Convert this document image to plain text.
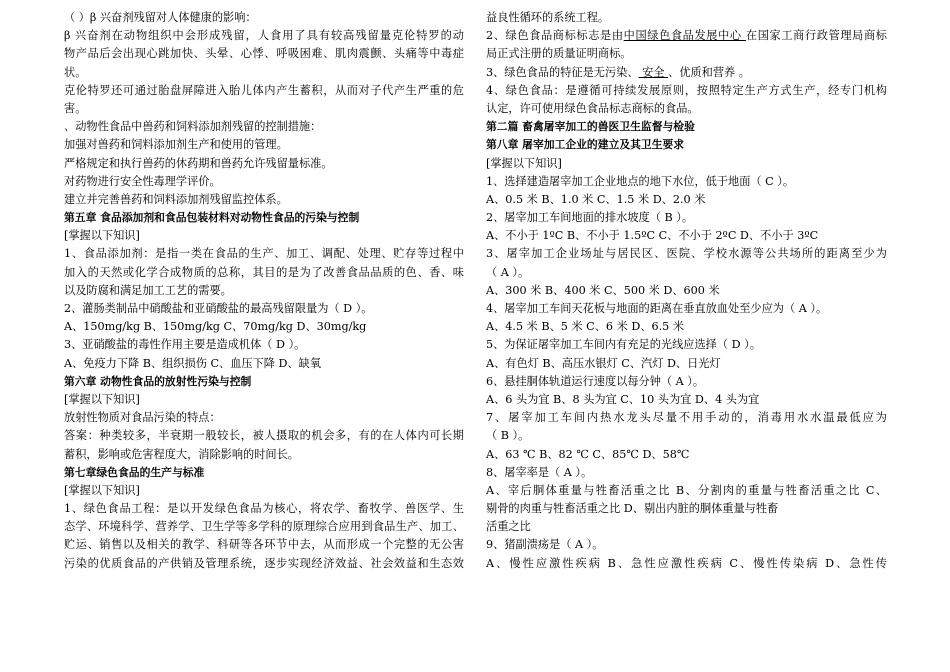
（ ）β 兴奋剂残留对人体健康的影响：
β 兴奋剂在动物组织中会形成残留，人食用了具有较高残留量克伦特罗的动
物产品后会出现心跳加快、头晕、心悸、呼吸困难、肌肉震颤、头痛等中毒症
状。
克伦特罗还可通过胎盘屏障进入胎儿体内产生蓄积，从而对子代产生严重的危
害。
、动物性食品中兽药和饲料添加剂残留的控制措施：
加强对兽药和饲料添加剂生产和使用的管理。
严格规定和执行兽药的休药期和兽药允许残留量标准。
对药物进行安全性毒理学评价。
建立并完善兽药和饲料添加剂残留监控体系。
第五章 食品添加剂和食品包装材料对动物性食品的污染与控制
[掌握以下知识]
1、食品添加剂：是指一类在食品的生产、加工、调配、处理、贮存等过程中
加入的天然或化学合成物质的总称，其目的是为了改善食品品质的色、香、味
以及防腐和满足加工工艺的需要。
2、灌肠类制品中硝酸盐和亚硝酸盐的最高残留限量为（ D ）。
A、150mg/kg B、150mg/kg C、70mg/kg D、30mg/kg
3、亚硝酸盐的毒性作用主要是造成机体（ D ）。
A、免疫力下降 B、组织损伤 C、血压下降 D、缺氧
第六章 动物性食品的放射性污染与控制
[掌握以下知识]
放射性物质对食品污染的特点：
答案：种类较多，半衰期一般较长，被人摄取的机会多，有的在人体内可长期
蓄积，影响或危害程度大，消除影响的时间长。
第七章绿色食品的生产与标准
[掌握以下知识]
1、绿色食品工程：是以开发绿色食品为核心，将农学、畜牧学、兽医学、生
态学、环境科学、营养学、卫生学等多学科的原理综合应用到食品生产、加工、
贮运、销售以及相关的教学、科研等各环节中去，从而形成一个完整的无公害
污染的优质食品的产供销及管理系统，逐步实现经济效益、社会效益和生态效
益良性循环的系统工程。
2、绿色食品商标标志是由中国绿色食品发展中心 在国家工商行政管理局商标
局正式注册的质量证明商标。
3、绿色食品的特征是无污染、 安全 、优质和营养 。
4、绿色食品：是遵循可持续发展原则，按照特定生产方式生产，经专门机构
认定，许可使用绿色食品标志商标的食品。
第二篇 畜禽屠宰加工的兽医卫生监督与检验
第八章 屠宰加工企业的建立及其卫生要求
[掌握以下知识]
1、选择建造屠宰加工企业地点的地下水位，低于地面（ C ）。
A、0.5 米 B、1.0 米 C、1.5 米 D、2.0 米
2、屠宰加工车间地面的排水坡度（ B ）。
A、不小于 1ºC B、不小于 1.5ºC C、不小于 2ºC D、不小于 3ºC
3、屠宰加工企业场址与居民区、医院、学校水源等公共场所的距离至少为
（ A ）。
A、300 米 B、400 米 C、500 米 D、600 米
4、屠宰加工车间天花板与地面的距离在垂直放血处至少应为（ A ）。
A、4.5 米 B、5 米 C、6 米 D、6.5 米
5、为保证屠宰加工车间内有充足的光线应选择（ D ）。
A、有色灯 B、高压水银灯 C、汽灯 D、日光灯
6、悬挂胴体轨道运行速度以每分钟（ A ）。
A、6 头为宜 B、8 头为宜 C、10 头为宜 D、4 头为宜
7、屠宰加工车间内热水龙头尽量不用手动的，消毒用水水温最低应为
（ B ）。
A、63 ℃ B、82 ℃ C、85℃ D、58℃
8、屠宰率是（ A ）。
A、宰后胴体重量与牲畜活重之比 B、分割肉的重量与牲畜活重之比 C、
剔骨的肉重与牲畜活重之比 D、剔出内脏的胴体重量与牲畜
活重之比
9、猪副溃疡是（ A ）。
A、慢性应激性疾病 B、急性应激性疾病 C、慢性传染病 D、急性传
